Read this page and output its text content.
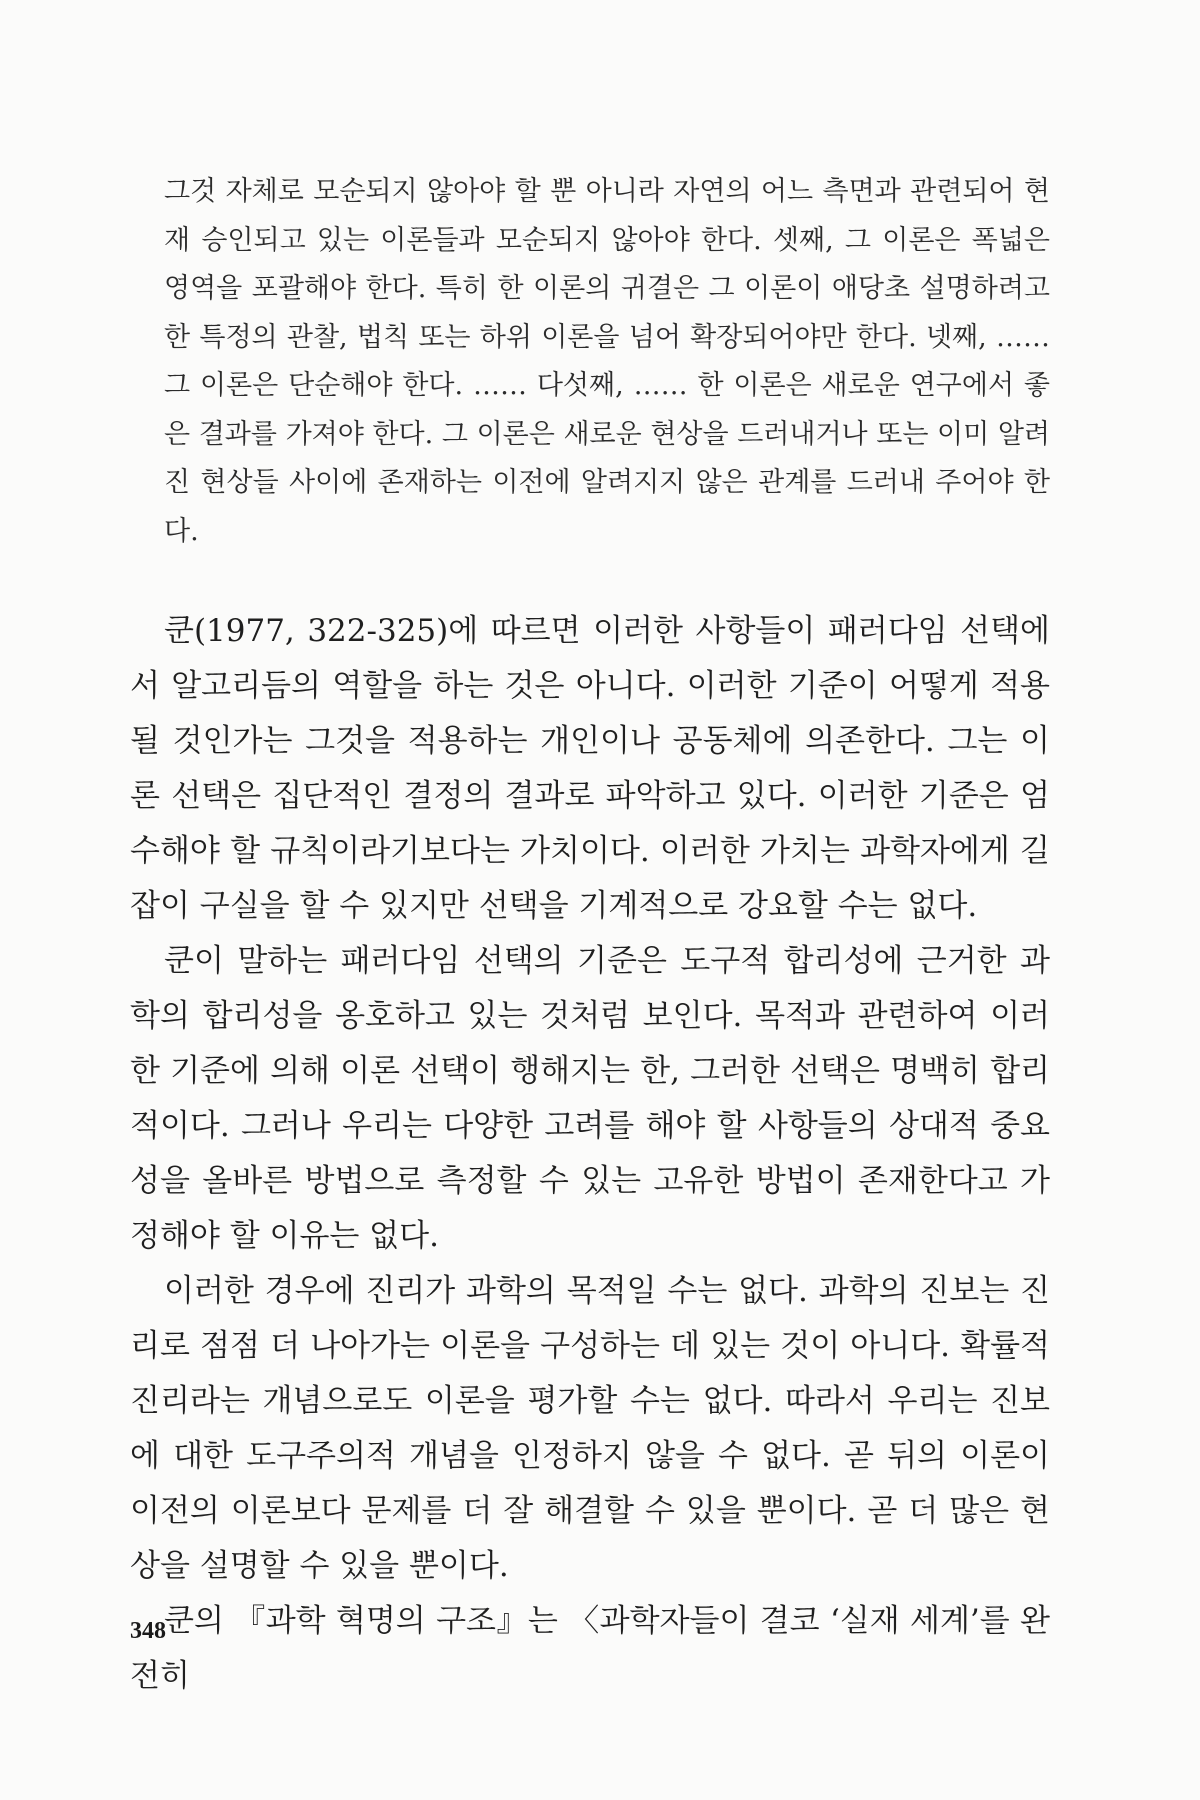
그것 자체로 모순되지 않아야 할 뿐 아니라 자연의 어느 측면과 관련되어 현재 승인되고 있는 이론들과 모순되지 않아야 한다. 셋째, 그 이론은 폭넓은 영역을 포괄해야 한다. 특히 한 이론의 귀결은 그 이론이 애당초 설명하려고 한 특정의 관찰, 법칙 또는 하위 이론을 넘어 확장되어야만 한다. 넷째, …… 그 이론은 단순해야 한다. …… 다섯째, …… 한 이론은 새로운 연구에서 좋은 결과를 가져야 한다. 그 이론은 새로운 현상을 드러내거나 또는 이미 알려진 현상들 사이에 존재하는 이전에 알려지지 않은 관계를 드러내 주어야 한다.

쿤(1977, 322-325)에 따르면 이러한 사항들이 패러다임 선택에서 알고리듬의 역할을 하는 것은 아니다. 이러한 기준이 어떻게 적용될 것인가는 그것을 적용하는 개인이나 공동체에 의존한다. 그는 이론 선택은 집단적인 결정의 결과로 파악하고 있다. 이러한 기준은 엄수해야 할 규칙이라기보다는 가치이다. 이러한 가치는 과학자에게 길잡이 구실을 할 수 있지만 선택을 기계적으로 강요할 수는 없다.

쿤이 말하는 패러다임 선택의 기준은 도구적 합리성에 근거한 과학의 합리성을 옹호하고 있는 것처럼 보인다. 목적과 관련하여 이러한 기준에 의해 이론 선택이 행해지는 한, 그러한 선택은 명백히 합리적이다. 그러나 우리는 다양한 고려를 해야 할 사항들의 상대적 중요성을 올바른 방법으로 측정할 수 있는 고유한 방법이 존재한다고 가정해야 할 이유는 없다.

이러한 경우에 진리가 과학의 목적일 수는 없다. 과학의 진보는 진리로 점점 더 나아가는 이론을 구성하는 데 있는 것이 아니다. 확률적 진리라는 개념으로도 이론을 평가할 수는 없다. 따라서 우리는 진보에 대한 도구주의적 개념을 인정하지 않을 수 없다. 곧 뒤의 이론이 이전의 이론보다 문제를 더 잘 해결할 수 있을 뿐이다. 곧 더 많은 현상을 설명할 수 있을 뿐이다.

쿤의 『과학 혁명의 구조』는 〈과학자들이 결코 ‘실재 세계’를 완전히

348
